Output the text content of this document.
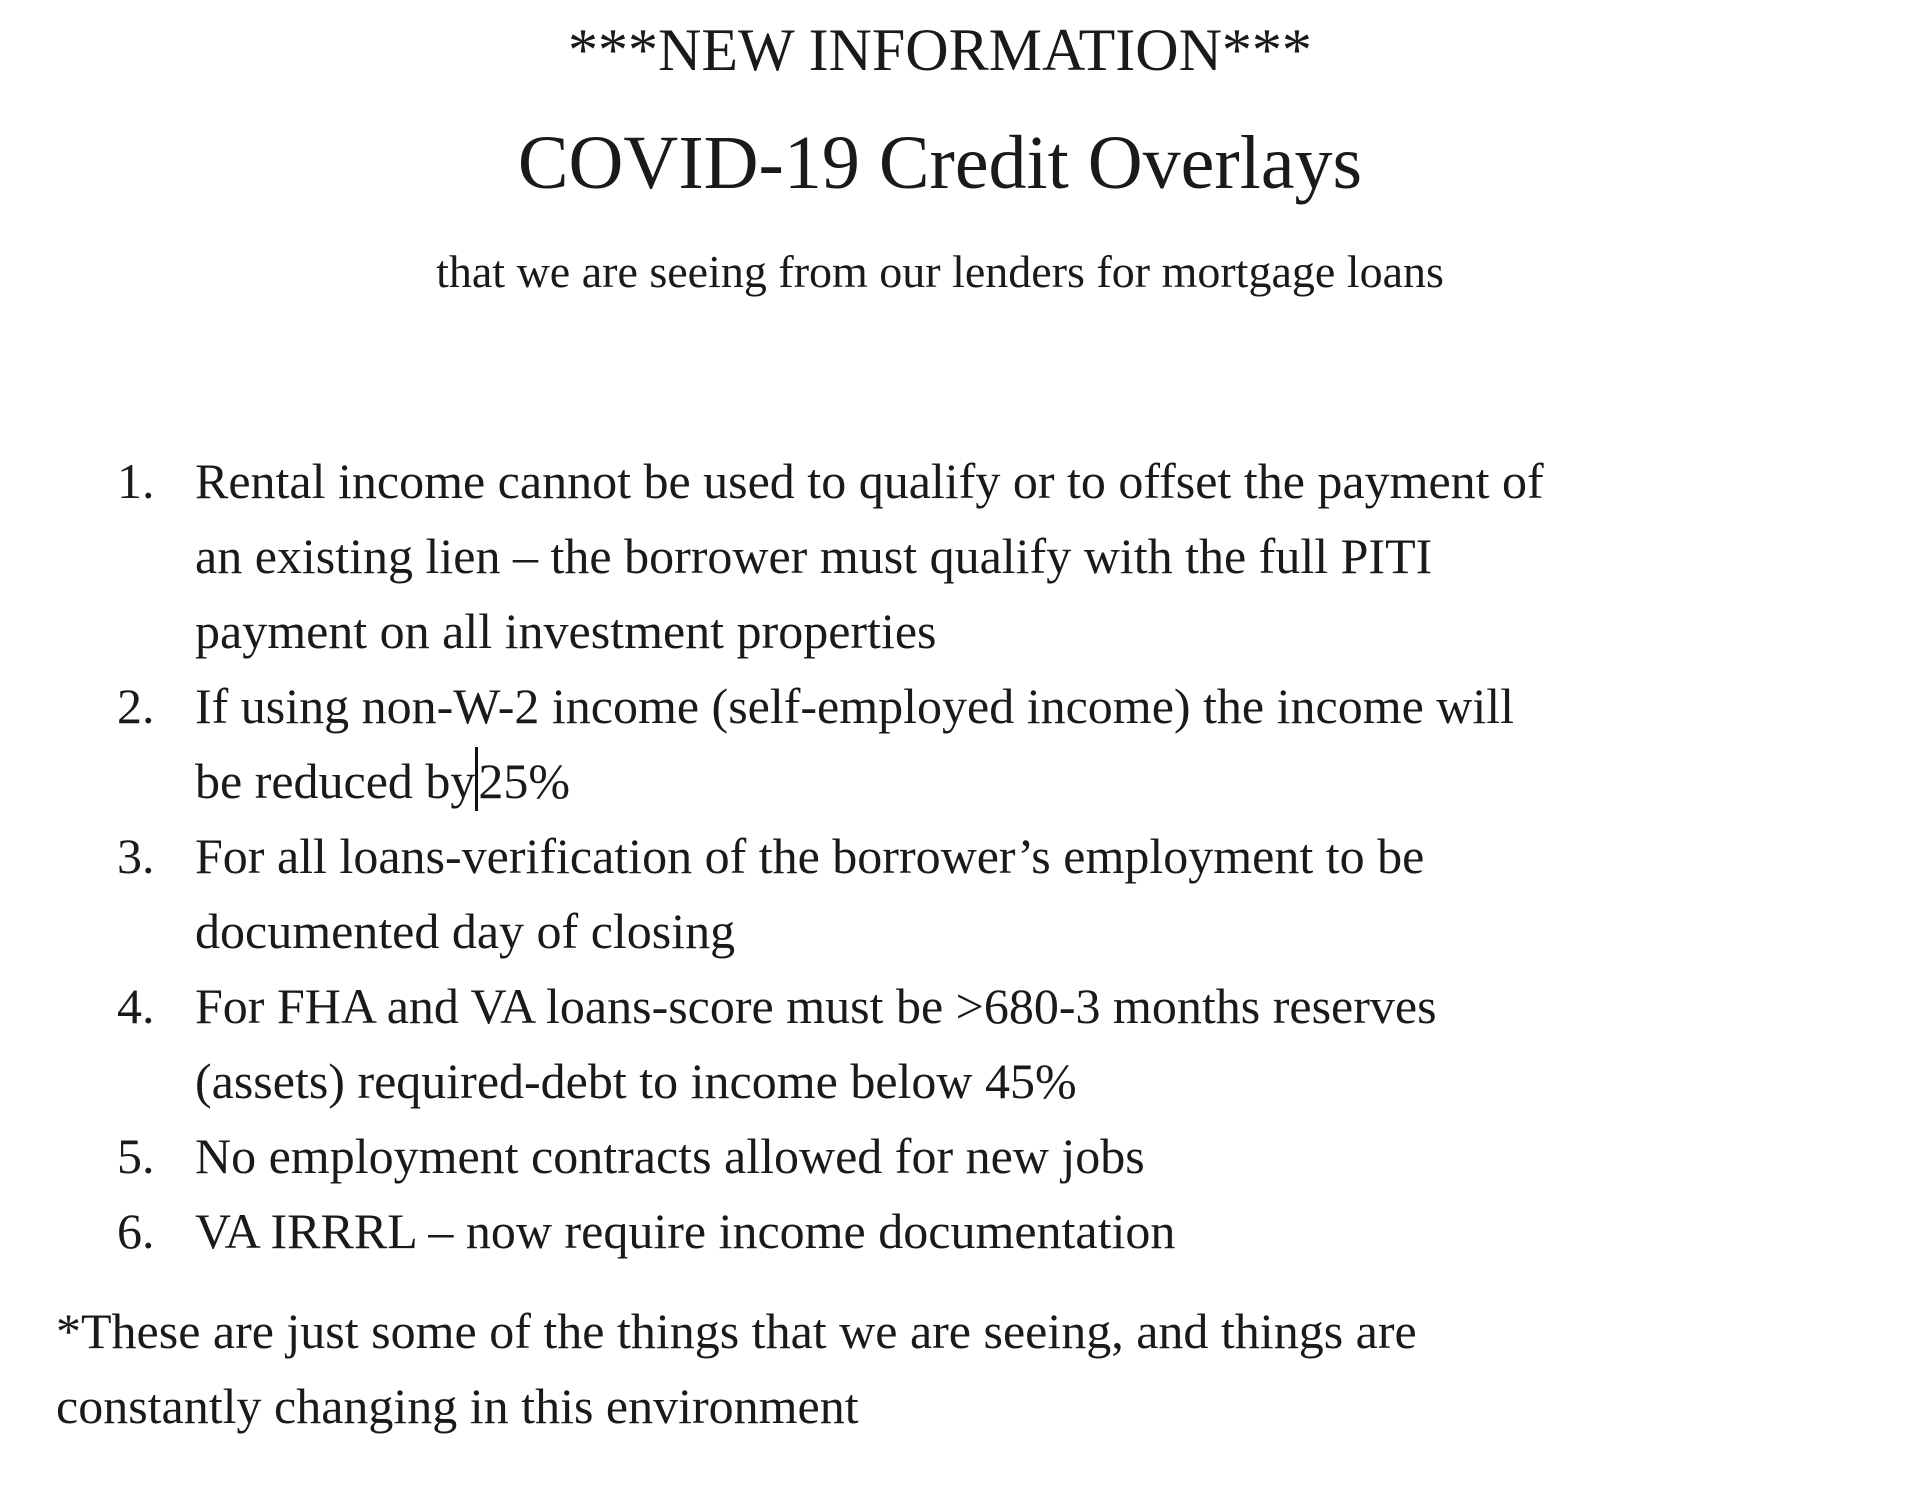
***NEW INFORMATION***
COVID-19 Credit Overlays
that we are seeing from our lenders for mortgage loans
1. Rental income cannot be used to qualify or to offset the payment of
an existing lien – the borrower must qualify with the full PITI
payment on all investment properties
2. If using non-W-2 income (self-employed income) the income will
be reduced by25%
3. For all loans-verification of the borrower’s employment to be
documented day of closing
4. For FHA and VA loans-score must be >680-3 months reserves
(assets) required-debt to income below 45%
5. No employment contracts allowed for new jobs
6. VA IRRRL – now require income documentation
*These are just some of the things that we are seeing, and things are
constantly changing in this environment
